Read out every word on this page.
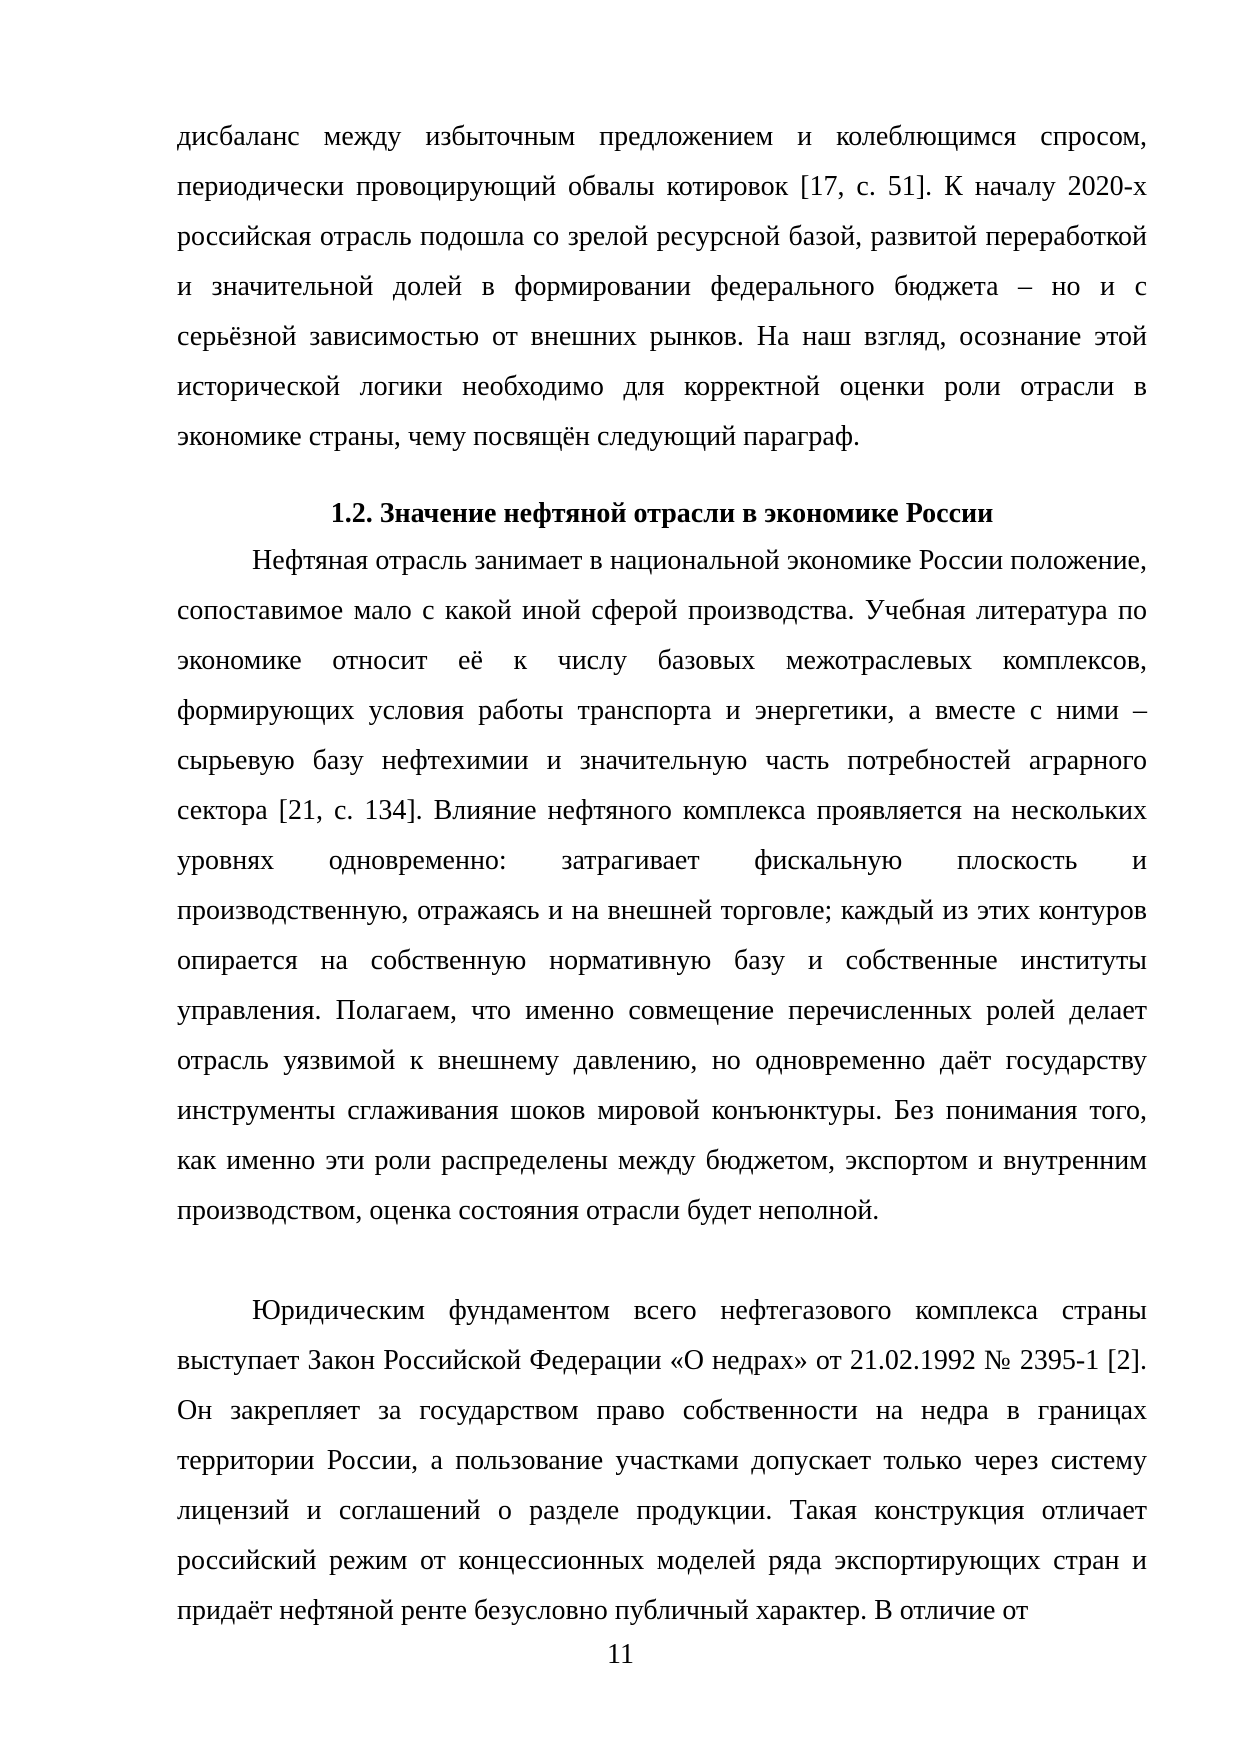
дисбаланс между избыточным предложением и колеблющимся спросом, периодически провоцирующий обвалы котировок [17, с. 51]. К началу 2020-х российская отрасль подошла со зрелой ресурсной базой, развитой переработкой и значительной долей в формировании федерального бюджета – но и с серьёзной зависимостью от внешних рынков. На наш взгляд, осознание этой исторической логики необходимо для корректной оценки роли отрасли в экономике страны, чему посвящён следующий параграф.

1.2. Значение нефтяной отрасли в экономике России

Нефтяная отрасль занимает в национальной экономике России положение, сопоставимое мало с какой иной сферой производства. Учебная литература по экономике относит её к числу базовых межотраслевых комплексов, формирующих условия работы транспорта и энергетики, а вместе с ними – сырьевую базу нефтехимии и значительную часть потребностей аграрного сектора [21, с. 134]. Влияние нефтяного комплекса проявляется на нескольких уровнях одновременно: затрагивает фискальную плоскость и производственную, отражаясь и на внешней торговле; каждый из этих контуров опирается на собственную нормативную базу и собственные институты управления. Полагаем, что именно совмещение перечисленных ролей делает отрасль уязвимой к внешнему давлению, но одновременно даёт государству инструменты сглаживания шоков мировой конъюнктуры. Без понимания того, как именно эти роли распределены между бюджетом, экспортом и внутренним производством, оценка состояния отрасли будет неполной.

Юридическим фундаментом всего нефтегазового комплекса страны выступает Закон Российской Федерации «О недрах» от 21.02.1992 № 2395-1 [2]. Он закрепляет за государством право собственности на недра в границах территории России, а пользование участками допускает только через систему лицензий и соглашений о разделе продукции. Такая конструкция отличает российский режим от концессионных моделей ряда экспортирующих стран и придаёт нефтяной ренте безусловно публичный характер. В отличие от

11
